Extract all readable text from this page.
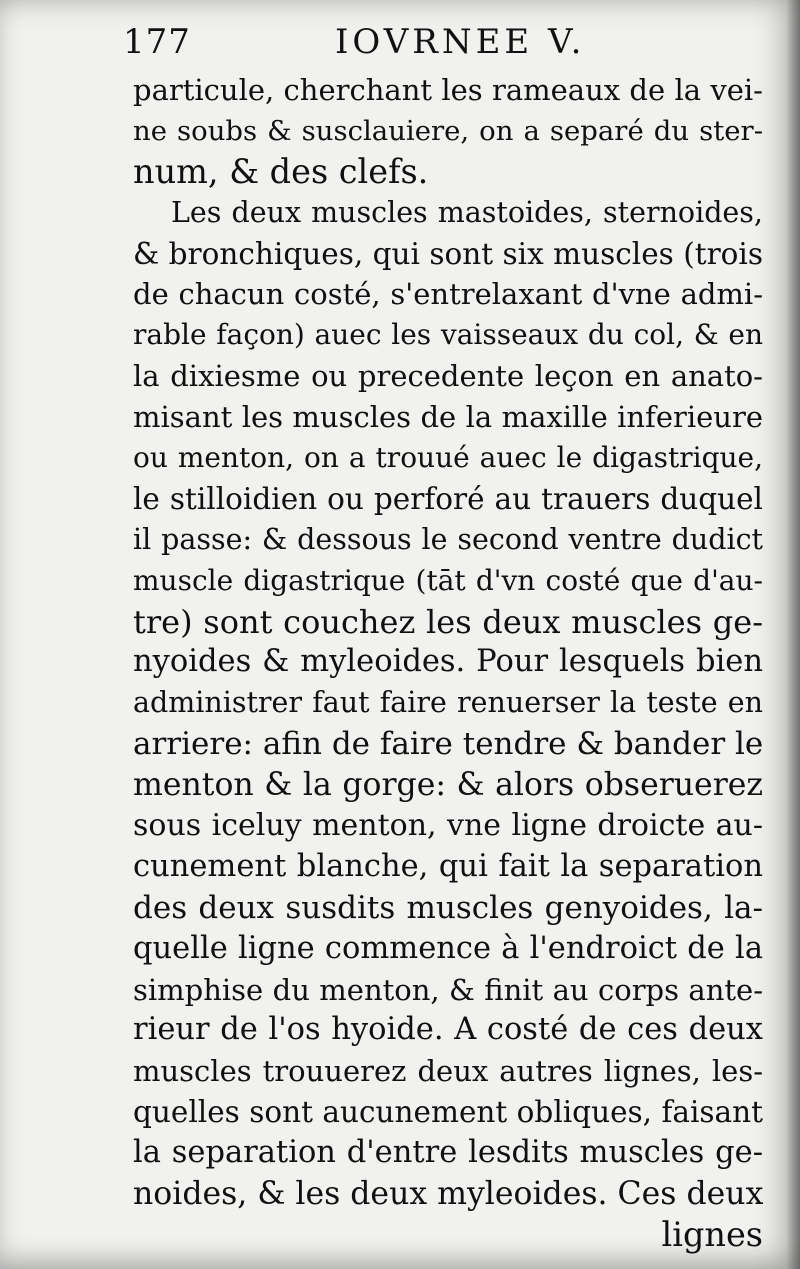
177	IOVRNEE V.
particule, cherchant les rameaux de la vei-
ne soubs & susclauiere, on a separé du ster-
num, & des clefs.
Les deux muscles mastoides, sternoides,
& bronchiques, qui sont six muscles (trois
de chacun costé, s'entrelaxant d'vne admi-
rable façon) auec les vaisseaux du col, & en
la dixiesme ou precedente leçon en anato-
misant les muscles de la maxille inferieure
ou menton, on a trouué auec le digastrique,
le stilloidien ou perforé au trauers duquel
il passe: & dessous le second ventre dudict
muscle digastrique (tāt d'vn costé que d'au-
tre) sont couchez les deux muscles ge-
nyoides & myleoides. Pour lesquels bien
administrer faut faire renuerser la teste en
arriere: afin de faire tendre & bander le
menton & la gorge: & alors obseruerez
sous iceluy menton, vne ligne droicte au-
cunement blanche, qui fait la separation
des deux susdits muscles genyoides, la-
quelle ligne commence à l'endroict de la
simphise du menton, & finit au corps ante-
rieur de l'os hyoide. A costé de ces deux
muscles trouuerez deux autres lignes, les-
quelles sont aucunement obliques, faisant
la separation d'entre lesdits muscles ge-
noides, & les deux myleoides. Ces deux
lignes
